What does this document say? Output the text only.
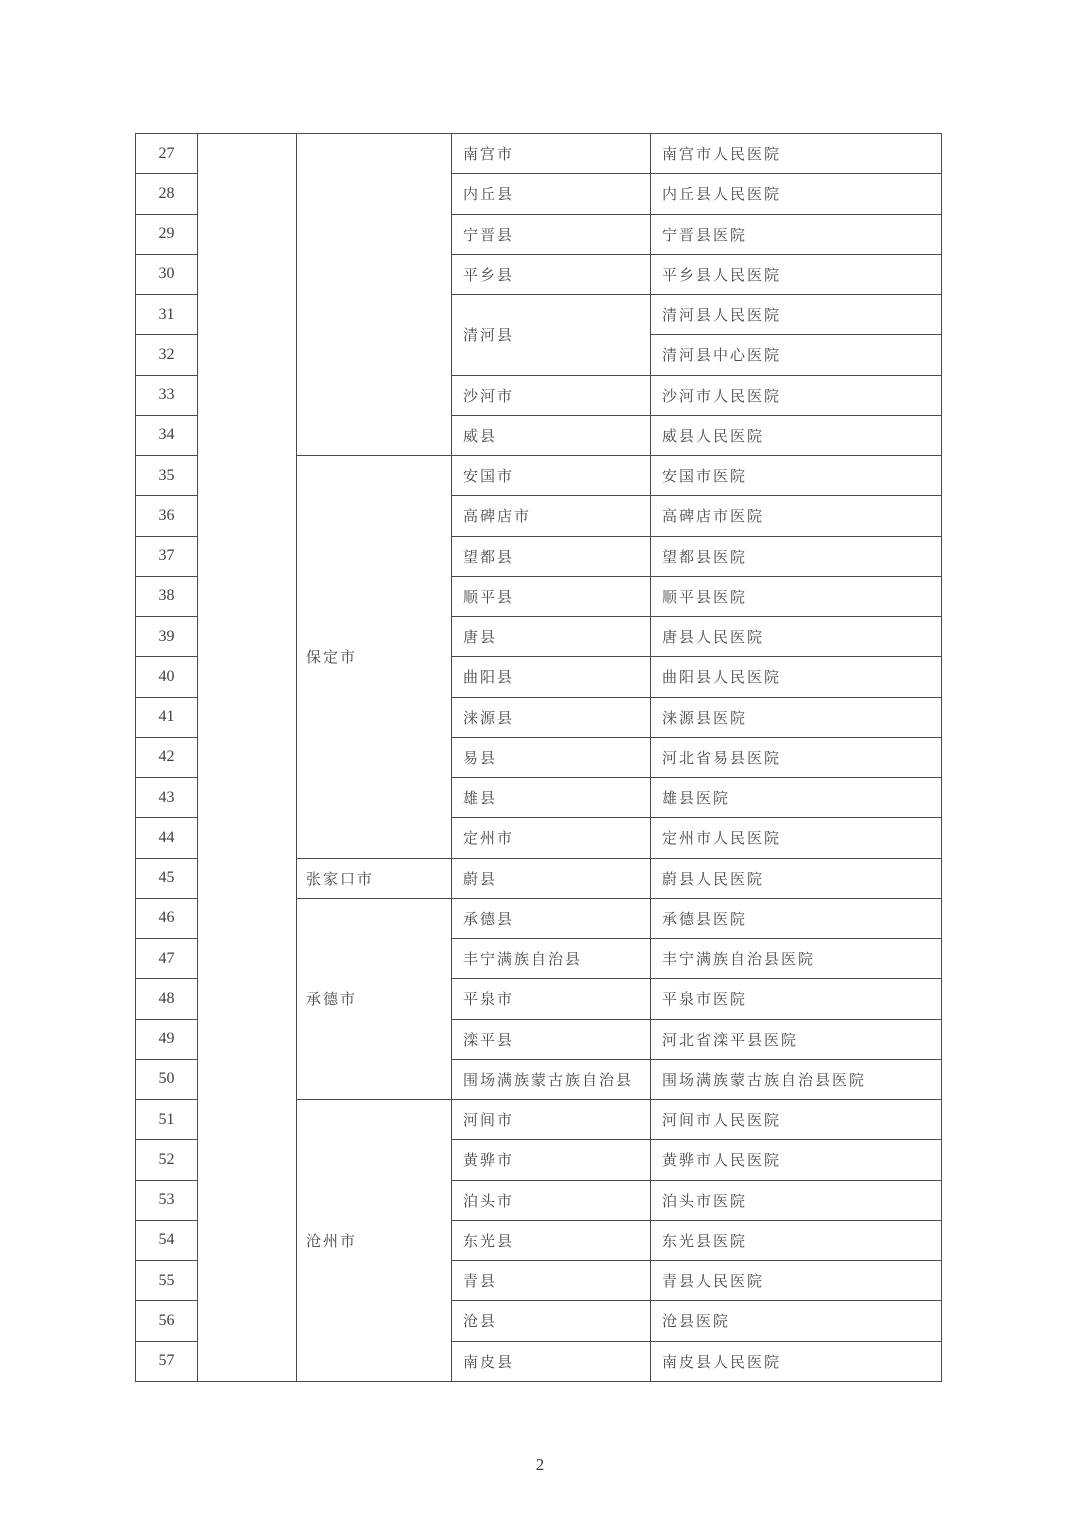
27			南宫市	南宫市人民医院
28			内丘县	内丘县人民医院
29			宁晋县	宁晋县医院
30			平乡县	平乡县人民医院
31			清河县	清河县人民医院
32				清河县中心医院
33			沙河市	沙河市人民医院
34			威县	威县人民医院
35		保定市	安国市	安国市医院
36			高碑店市	高碑店市医院
37			望都县	望都县医院
38			顺平县	顺平县医院
39			唐县	唐县人民医院
40			曲阳县	曲阳县人民医院
41			涞源县	涞源县医院
42			易县	河北省易县医院
43			雄县	雄县医院
44			定州市	定州市人民医院
45		张家口市	蔚县	蔚县人民医院
46		承德市	承德县	承德县医院
47			丰宁满族自治县	丰宁满族自治县医院
48			平泉市	平泉市医院
49			滦平县	河北省滦平县医院
50			围场满族蒙古族自治县	围场满族蒙古族自治县医院
51		沧州市	河间市	河间市人民医院
52			黄骅市	黄骅市人民医院
53			泊头市	泊头市医院
54			东光县	东光县医院
55			青县	青县人民医院
56			沧县	沧县医院
57			南皮县	南皮县人民医院
2
